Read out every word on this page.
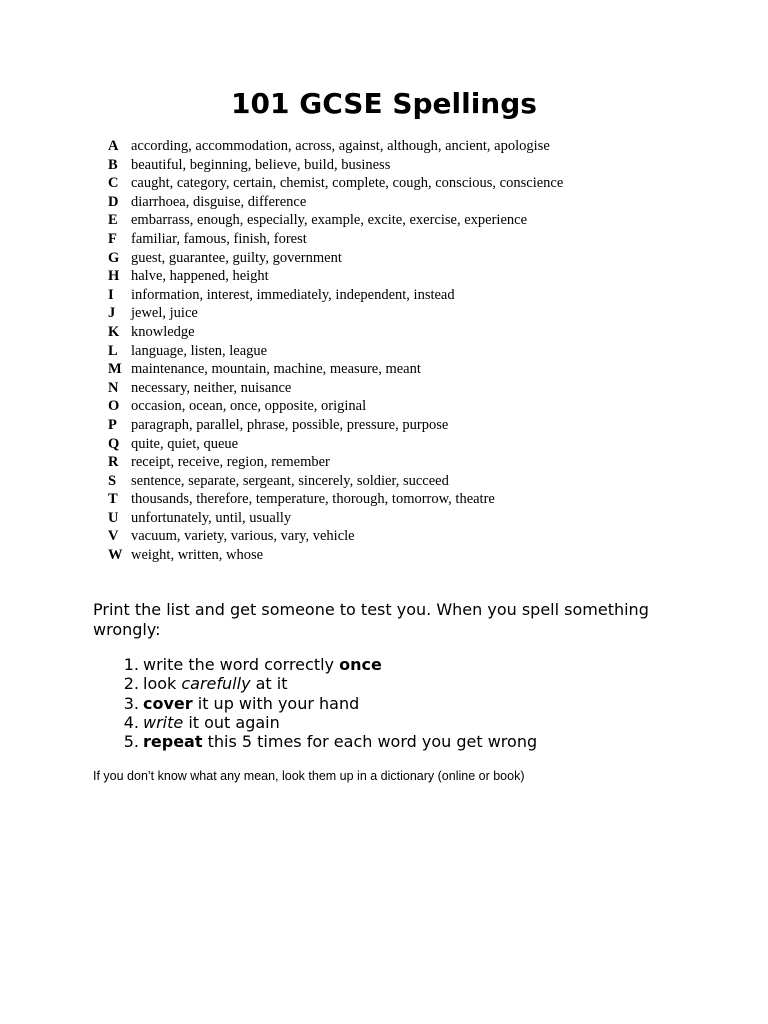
101 GCSE Spellings
A according, accommodation, across, against, although, ancient, apologise
B beautiful, beginning, believe, build, business
C caught, category, certain, chemist, complete, cough, conscious, conscience
D diarrhoea, disguise, difference
E embarrass, enough, especially, example, excite, exercise, experience
F familiar, famous, finish, forest
G guest, guarantee, guilty, government
H halve, happened, height
I	information, interest, immediately, independent, instead
J	jewel, juice
K knowledge
L language, listen, league
M maintenance, mountain, machine, measure, meant
N necessary, neither, nuisance
O occasion, ocean, once, opposite, original
P paragraph, parallel, phrase, possible, pressure, purpose
Q quite, quiet, queue
R receipt, receive, region, remember
S	sentence, separate, sergeant, sincerely, soldier, succeed
T thousands, therefore, temperature, thorough, tomorrow, theatre
U unfortunately, until, usually
V vacuum, variety, various, vary, vehicle
W weight, written, whose

Print the list and get someone to test you. When you spell something wrongly:

1. write the word correctly once
2. look carefully at it
3. cover it up with your hand
4. write it out again
5. repeat this 5 times for each word you get wrong

If you don’t know what any mean, look them up in a dictionary (online or book)
